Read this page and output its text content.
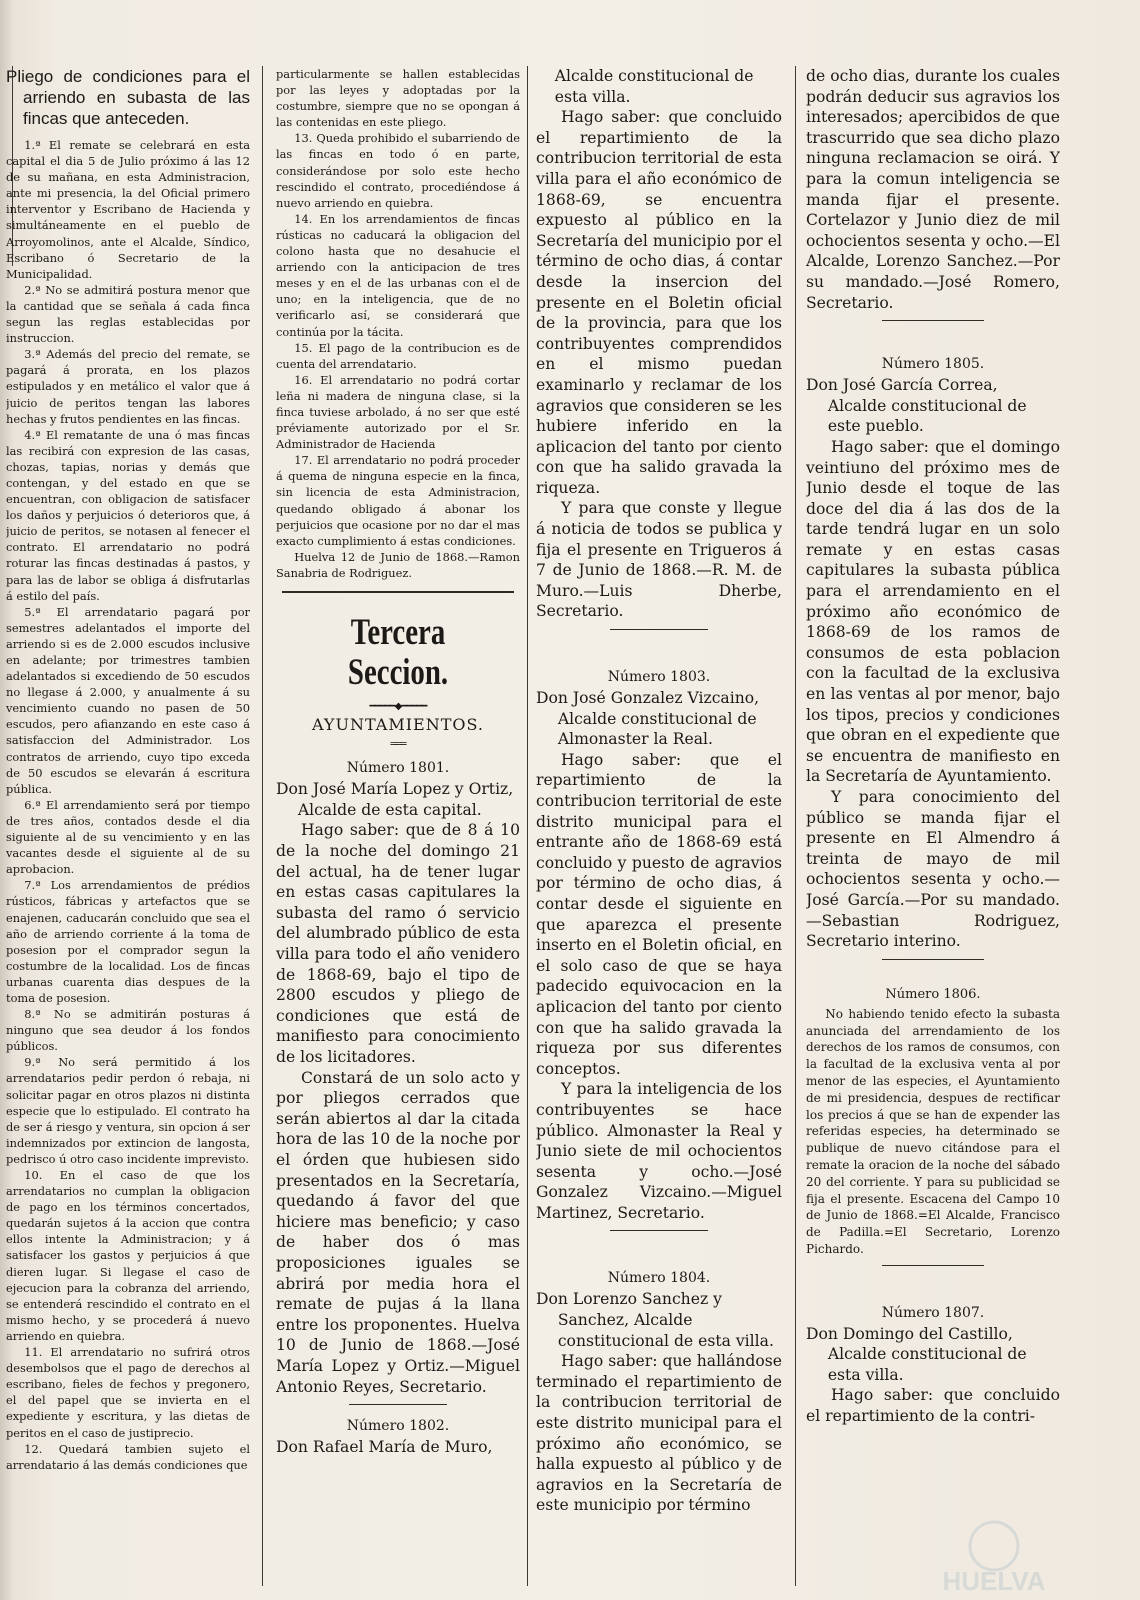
Pliego de condiciones para el arriendo en subasta de las fincas que anteceden.

1.ª El remate se celebrará en esta capital el dia 5 de Julio próximo á las 12 de su mañana, en esta Administracion, ante mi presencia, la del Oficial primero interventor y Escribano de Hacienda y simultáneamente en el pueblo de Arroyomolinos, ante el Alcalde, Síndico, Escribano ó Secretario de la Municipalidad.

2.ª No se admitirá postura menor que la cantidad que se señala á cada finca segun las reglas establecidas por instruccion.

3.ª Además del precio del remate, se pagará á prorata, en los plazos estipulados y en metálico el valor que á juicio de peritos tengan las labores hechas y frutos pendientes en las fincas.

4.ª El rematante de una ó mas fincas las recibirá con expresion de las casas, chozas, tapias, norias y demás que contengan, y del estado en que se encuentran, con obligacion de satisfacer los daños y perjuicios ó deterioros que, á juicio de peritos, se notasen al fenecer el contrato. El arrendatario no podrá roturar las fincas destinadas á pastos, y para las de labor se obliga á disfrutarlas á estilo del país.

5.ª El arrendatario pagará por semestres adelantados el importe del arriendo si es de 2.000 escudos inclusive en adelante; por trimestres tambien adelantados si excediendo de 50 escudos no llegase á 2.000, y anualmente á su vencimiento cuando no pasen de 50 escudos, pero afianzando en este caso á satisfaccion del Administrador. Los contratos de arriendo, cuyo tipo exceda de 50 escudos se elevarán á escritura pública.

6.ª El arrendamiento será por tiempo de tres años, contados desde el dia siguiente al de su vencimiento y en las vacantes desde el siguiente al de su aprobacion.

7.ª Los arrendamientos de prédios rústicos, fábricas y artefactos que se enajenen, caducarán concluido que sea el año de arriendo corriente á la toma de posesion por el comprador segun la costumbre de la localidad. Los de fincas urbanas cuarenta dias despues de la toma de posesion.

8.ª No se admitirán posturas á ninguno que sea deudor á los fondos públicos.

9.ª No será permitido á los arrendatarios pedir perdon ó rebaja, ni solicitar pagar en otros plazos ni distinta especie que lo estipulado. El contrato ha de ser á riesgo y ventura, sin opcion á ser indemnizados por extincion de langosta, pedrisco ú otro caso incidente imprevisto.

10. En el caso de que los arrendatarios no cumplan la obligacion de pago en los términos concertados, quedarán sujetos á la accion que contra ellos intente la Administracion; y á satisfacer los gastos y perjuicios á que dieren lugar. Si llegase el caso de ejecucion para la cobranza del arriendo, se entenderá rescindido el contrato en el mismo hecho, y se procederá á nuevo arriendo en quiebra.

11. El arrendatario no sufrirá otros desembolsos que el pago de derechos al escribano, fieles de fechos y pregonero, el del papel que se invierta en el expediente y escritura, y las dietas de peritos en el caso de justiprecio.

12. Quedará tambien sujeto el arrendatario á las demás condiciones que

particularmente se hallen establecidas por las leyes y adoptadas por la costumbre, siempre que no se opongan á las contenidas en este pliego.

13. Queda prohibido el subarriendo de las fincas en todo ó en parte, considerándose por solo este hecho rescindido el contrato, procediéndose á nuevo arriendo en quiebra.

14. En los arrendamientos de fincas rústicas no caducará la obligacion del colono hasta que no desahucie el arriendo con la anticipacion de tres meses y en el de las urbanas con el de uno; en la inteligencia, que de no verificarlo así, se considerará que continúa por la tácita.

15. El pago de la contribucion es de cuenta del arrendatario.

16. El arrendatario no podrá cortar leña ni madera de ninguna clase, si la finca tuviese arbolado, á no ser que esté préviamente autorizado por el Sr. Administrador de Hacienda

17. El arrendatario no podrá proceder á quema de ninguna especie en la finca, sin licencia de esta Administracion, quedando obligado á abonar los perjuicios que ocasione por no dar el mas exacto cumplimiento á estas condiciones.

Huelva 12 de Junio de 1868.—Ramon Sanabria de Rodriguez.

Tercera Seccion.
━━━━━◆━━━━━
AYUNTAMIENTOS.
═══
Número 1801.

Don José María Lopez y Ortiz, Alcalde de esta capital.

Hago saber: que de 8 á 10 de la noche del domingo 21 del actual, ha de tener lugar en estas casas capitulares la subasta del ramo ó servicio del alumbrado público de esta villa para todo el año venidero de 1868-69, bajo el tipo de 2800 escudos y pliego de condiciones que está de manifiesto para conocimiento de los licitadores.

Constará de un solo acto y por pliegos cerrados que serán abiertos al dar la citada hora de las 10 de la noche por el órden que hubiesen sido presentados en la Secretaría, quedando á favor del que hiciere mas beneficio; y caso de haber dos ó mas proposiciones iguales se abrirá por media hora el remate de pujas á la llana entre los proponentes. Huelva 10 de Junio de 1868.—José María Lopez y Ortiz.—Miguel Antonio Reyes, Secretario.

Número 1802.

Don Rafael María de Muro,

Alcalde constitucional de esta villa.

Hago saber: que concluido el repartimiento de la contribucion territorial de esta villa para el año económico de 1868-69, se encuentra expuesto al público en la Secretaría del municipio por el término de ocho dias, á contar desde la insercion del presente en el Boletin oficial de la provincia, para que los contribuyentes comprendidos en el mismo puedan examinarlo y reclamar de los agravios que consideren se les hubiere inferido en la aplicacion del tanto por ciento con que ha salido gravada la riqueza.

Y para que conste y llegue á noticia de todos se publica y fija el presente en Trigueros á 7 de Junio de 1868.—R. M. de Muro.—Luis Dherbe, Secretario.

Número 1803.

Don José Gonzalez Vizcaino, Alcalde constitucional de Almonaster la Real.

Hago saber: que el repartimiento de la contribucion territorial de este distrito municipal para el entrante año de 1868-69 está concluido y puesto de agravios por término de ocho dias, á contar desde el siguiente en que aparezca el presente inserto en el Boletin oficial, en el solo caso de que se haya padecido equivocacion en la aplicacion del tanto por ciento con que ha salido gravada la riqueza por sus diferentes conceptos.

Y para la inteligencia de los contribuyentes se hace público. Almonaster la Real y Junio siete de mil ochocientos sesenta y ocho.—José Gonzalez Vizcaino.—Miguel Martinez, Secretario.

Número 1804.

Don Lorenzo Sanchez y Sanchez, Alcalde constitucional de esta villa.

Hago saber: que hallándose terminado el repartimiento de la contribucion territorial de este distrito municipal para el próximo año económico, se halla expuesto al público y de agravios en la Secretaría de este municipio por término

de ocho dias, durante los cuales podrán deducir sus agravios los interesados; apercibidos de que trascurrido que sea dicho plazo ninguna reclamacion se oirá. Y para la comun inteligencia se manda fijar el presente. Cortelazor y Junio diez de mil ochocientos sesenta y ocho.—El Alcalde, Lorenzo Sanchez.—Por su mandado.—José Romero, Secretario.

Número 1805.

Don José García Correa, Alcalde constitucional de este pueblo.

Hago saber: que el domingo veintiuno del próximo mes de Junio desde el toque de las doce del dia á las dos de la tarde tendrá lugar en un solo remate y en estas casas capitulares la subasta pública para el arrendamiento en el próximo año económico de 1868-69 de los ramos de consumos de esta poblacion con la facultad de la exclusiva en las ventas al por menor, bajo los tipos, precios y condiciones que obran en el expediente que se encuentra de manifiesto en la Secretaría de Ayuntamiento.

Y para conocimiento del público se manda fijar el presente en El Almendro á treinta de mayo de mil ochocientos sesenta y ocho.—José García.—Por su mandado.—Sebastian Rodriguez, Secretario interino.

Número 1806.

No habiendo tenido efecto la subasta anunciada del arrendamiento de los derechos de los ramos de consumos, con la facultad de la exclusiva venta al por menor de las especies, el Ayuntamiento de mi presidencia, despues de rectificar los precios á que se han de expender las referidas especies, ha determinado se publique de nuevo citándose para el remate la oracion de la noche del sábado 20 del corriente. Y para su publicidad se fija el presente. Escacena del Campo 10 de Junio de 1868.=El Alcalde, Francisco de Padilla.=El Secretario, Lorenzo Pichardo.

Número 1807.

Don Domingo del Castillo, Alcalde constitucional de esta villa.

Hago saber: que concluido el repartimiento de la contri-

HUELVA
